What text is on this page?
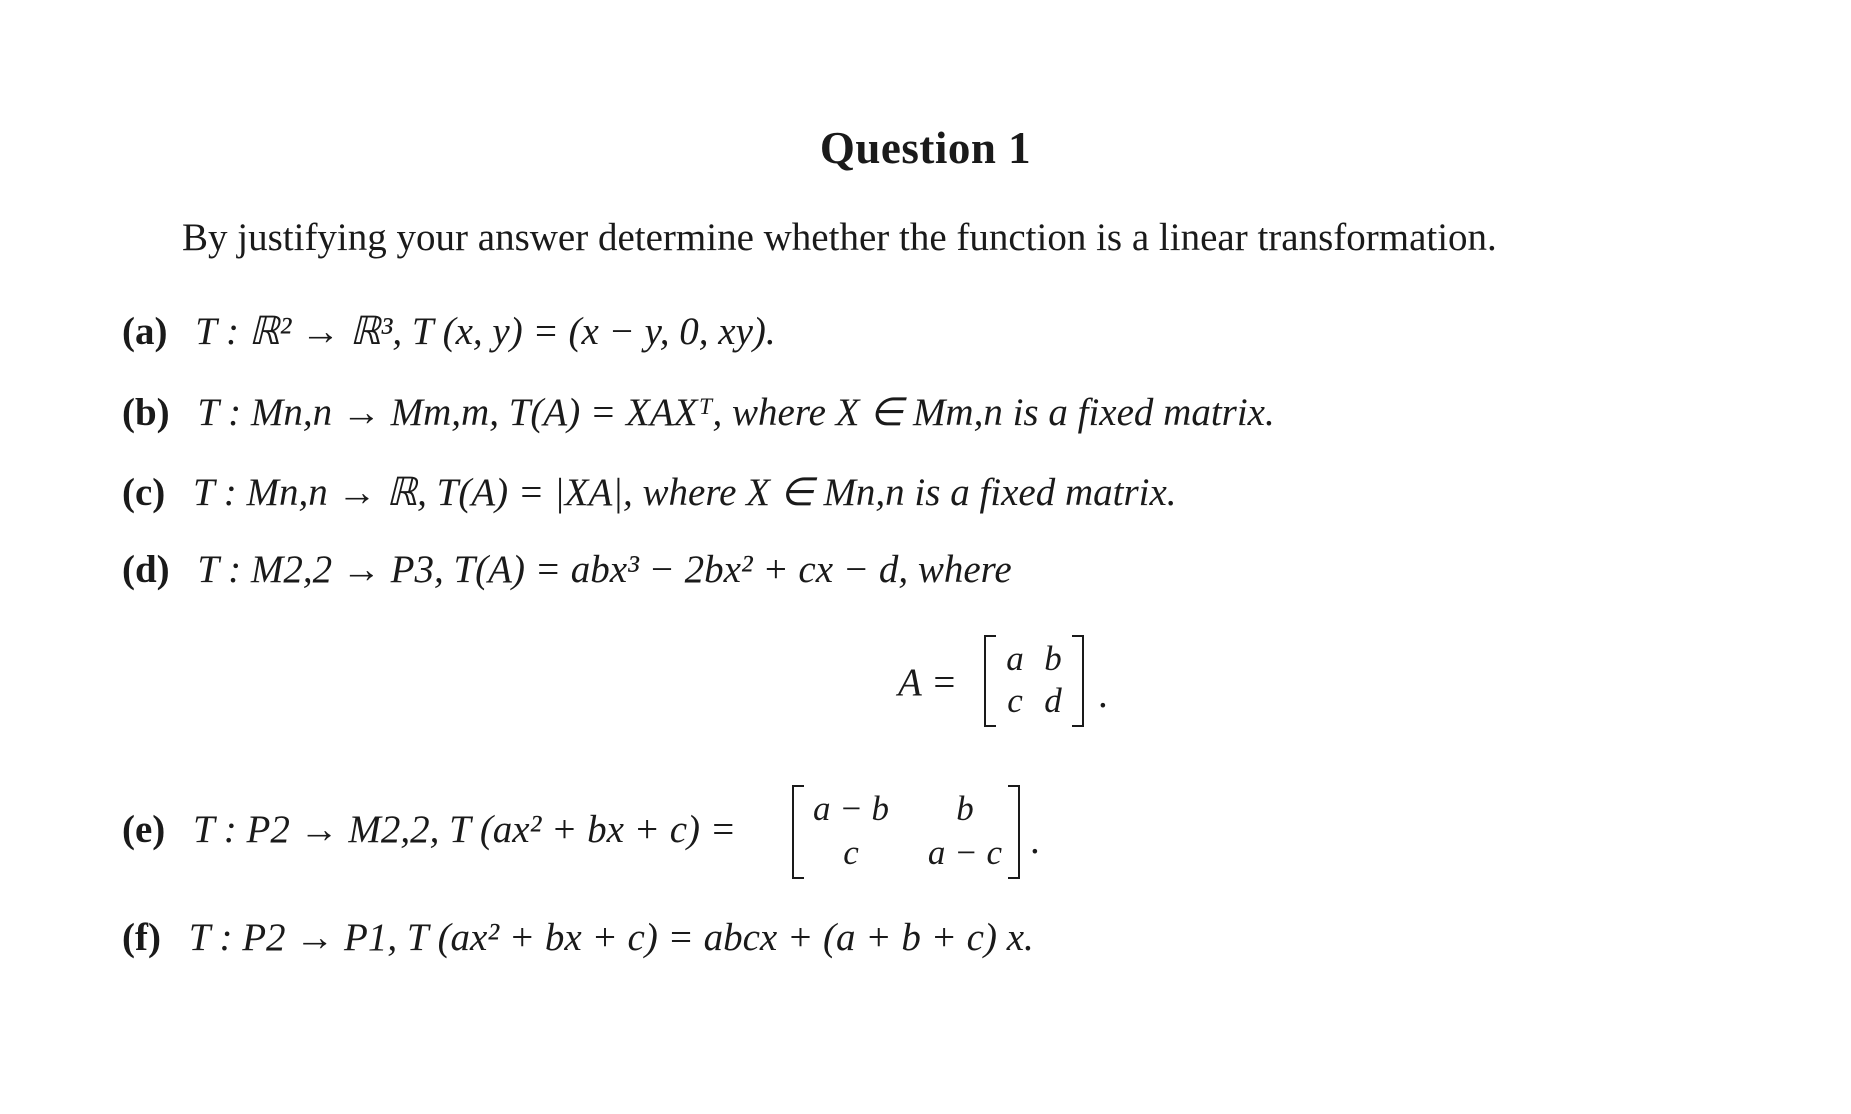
Question 1
By justifying your answer determine whether the function is a linear transformation.
(a) T : ℝ² → ℝ³, T (x, y) = (x − y, 0, xy).
(b) T : Mn,n → Mm,m, T(A) = XAXᵀ, where X ∈ Mm,n is a fixed matrix.
(c) T : Mn,n → ℝ, T(A) = |XA|, where X ∈ Mn,n is a fixed matrix.
(d) T : M2,2 → P3, T(A) = abx³ − 2bx² + cx − d, where
A =
a b
c d .
(e) T : P2 → M2,2, T (ax² + bx + c) = a − b	b
c	a − c .
(f) T : P2 → P1, T (ax² + bx + c) = abcx + (a + b + c) x.
